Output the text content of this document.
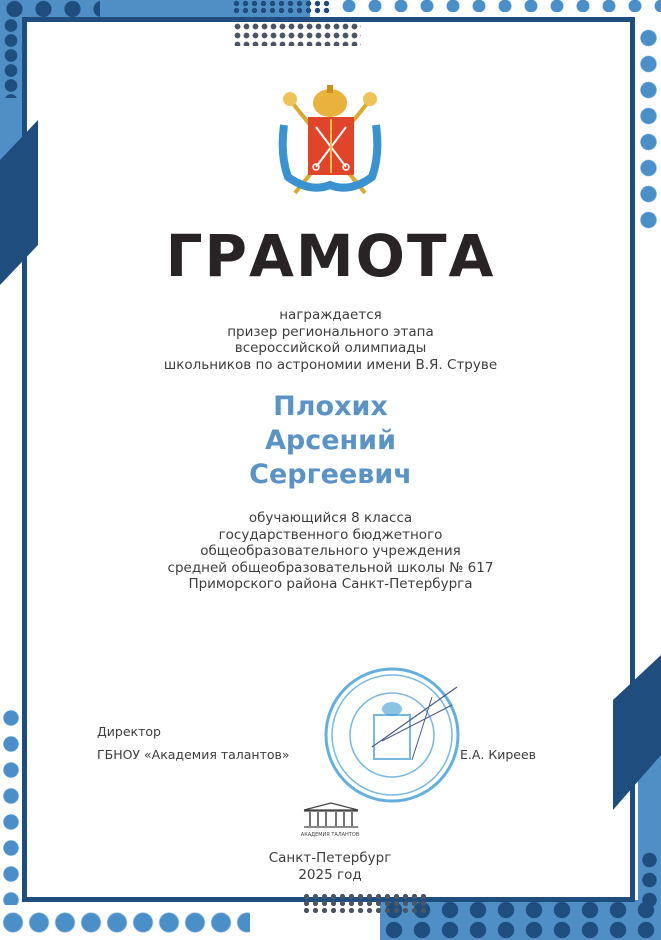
ГРАМОТА
награждается
призер регионального этапа
всероссийской олимпиады
школьников по астрономии имени В.Я. Струве
Плохих
Арсений
Сергеевич
обучающийся 8 класса
государственного бюджетного
общеобразовательного учреждения
средней общеобразовательной школы № 617
Приморского района Санкт-Петербурга
Директор
ГБНОУ «Академия талантов»	Е.А. Киреев
АКАДЕМИЯ ТАЛАНТОВ
Санкт-Петербург
2025 год
